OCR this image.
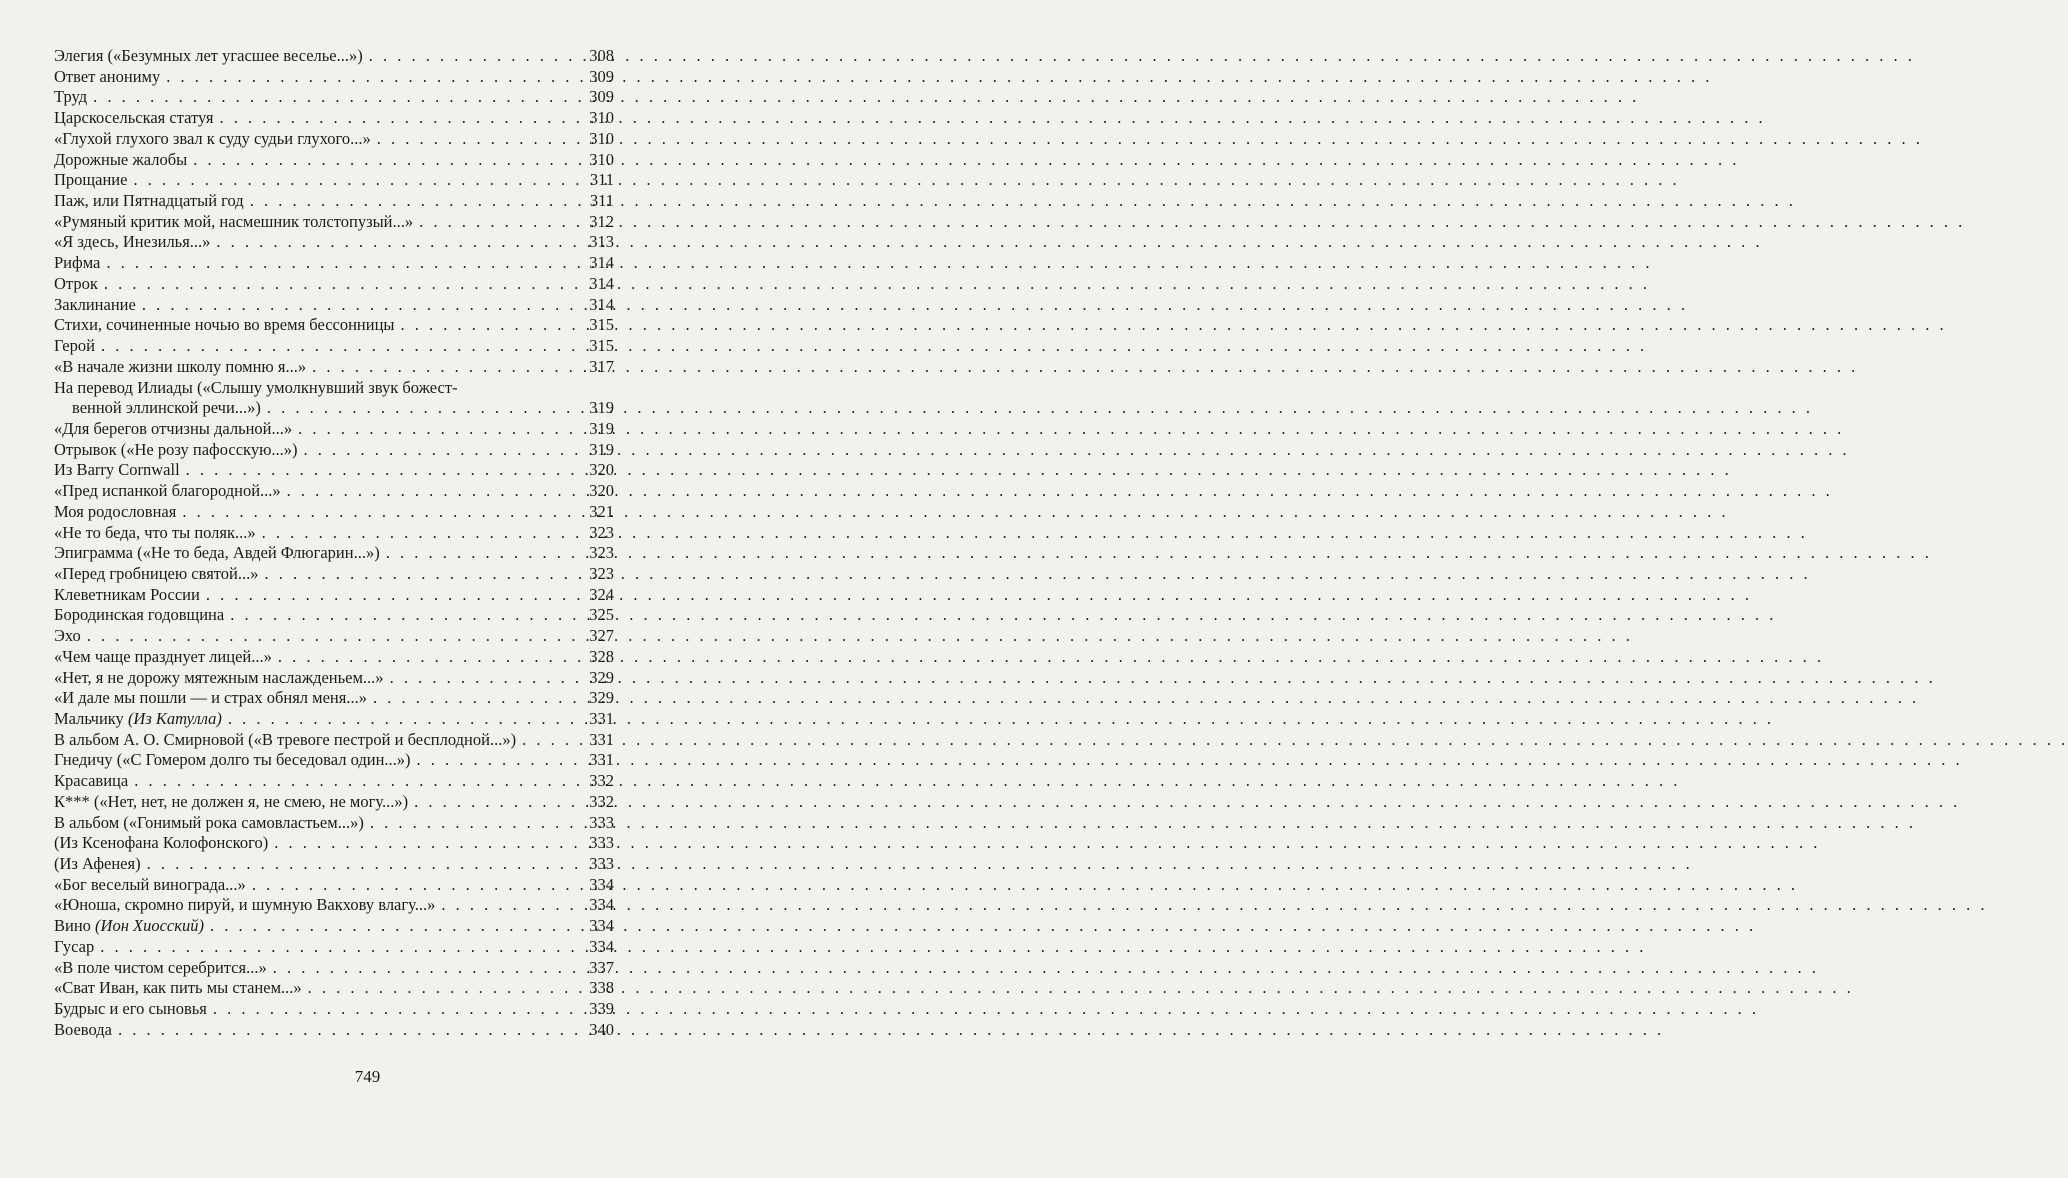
Элегия («Безумных лет угасшее веселье...») . . .	308
Ответ анониму . . .	309
Труд . . .	309
Царскосельская статуя . . .	310
«Глухой глухого звал к суду судьи глухого...» . . .	310
Дорожные жалобы . . .	310
Прощание . . .	311
Паж, или Пятнадцатый год . . .	311
«Румяный критик мой, насмешник толстопузый...» . . .	312
«Я здесь, Инезилья...» . . .	313
Рифма . . .	314
Отрок . . .	314
Заклинание . . .	314
Стихи, сочиненные ночью во время бессонницы . . .	315
Герой . . .	315
«В начале жизни школу помню я...» . . .	317
На перевод Илиады («Слышу умолкнувший звук божест-
венной эллинской речи...») . . .	319
«Для берегов отчизны дальной...» . . .	319
Отрывок («Не розу пафосскую...») . . .	319
Из Barry Cornwall . . .	320
«Пред испанкой благородной...» . . .	320
Моя родословная . . .	321
«Не то беда, что ты поляк...» . . .	323
Эпиграмма («Не то беда, Авдей Флюгарин...») . . .	323
«Перед гробницею святой...» . . .	323
Клеветникам России . . .	324
Бородинская годовщина . . .	325
Эхо . . .	327
«Чем чаще празднует лицей...» . . .	328
«Нет, я не дорожу мятежным наслажденьем...» . . .	329
«И дале мы пошли — и страх обнял меня...» . . .	329
Мальчику (Из Катулла) . . .	331
В альбом А. О. Смирновой («В тревоге пестрой и бесплодной...») . . .	331
Гнедичу («С Гомером долго ты беседовал один...») . . .	331
Красавица . . .	332
К*** («Нет, нет, не должен я, не смею, не могу...») . . .	332
В альбом («Гонимый рока самовластьем...») . . .	333
(Из Ксенофана Колофонского) . . .	333
(Из Афенея) . . .	333
«Бог веселый винограда...» . . .	334
«Юноша, скромно пируй, и шумную Вакхову влагу...» . . .	334
Вино (Ион Хиосский) . . .	334
Гусар . . .	334
«В поле чистом серебрится...» . . .	337
«Сват Иван, как пить мы станем...» . . .	338
Будрыс и его сыновья . . .	339
Воевода . . .	340
749
